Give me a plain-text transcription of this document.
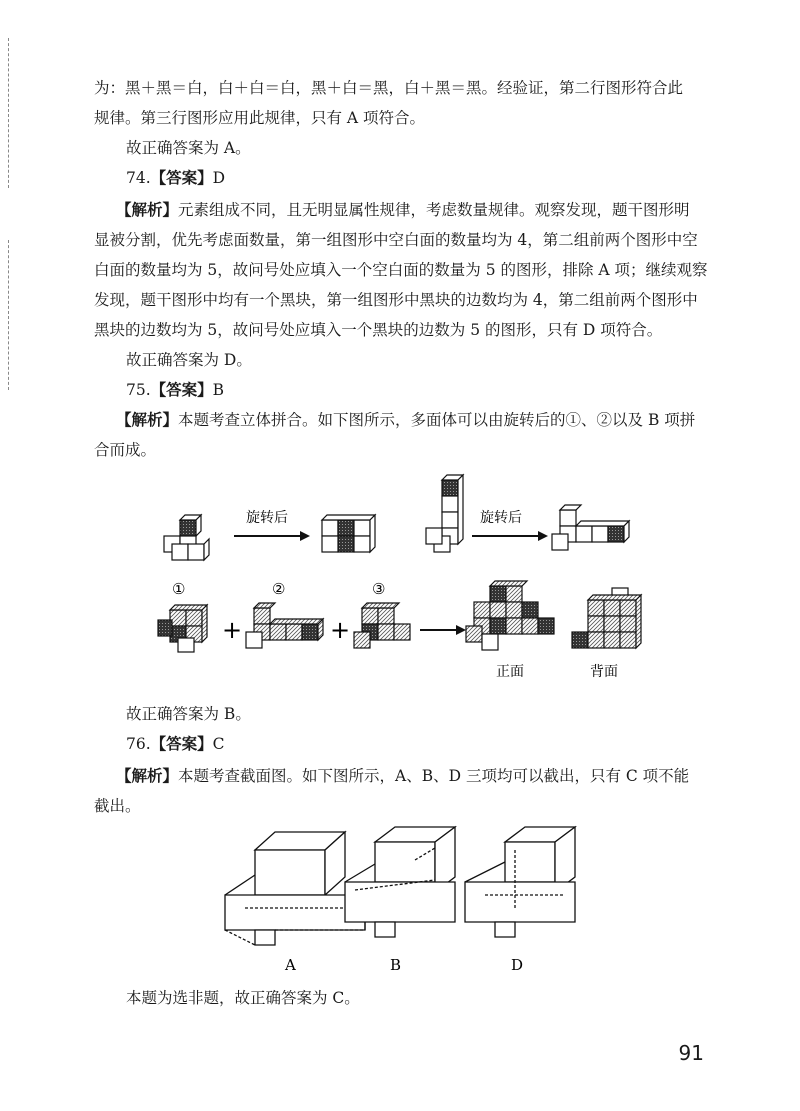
为：黑＋黑＝白，白＋白＝白，黑＋白＝黑，白＋黑＝黑。经验证，第二行图形符合此
规律。第三行图形应用此规律，只有 A 项符合。
故正确答案为 A。
74.【答案】D
【解析】元素组成不同，且无明显属性规律，考虑数量规律。观察发现，题干图形明
显被分割，优先考虑面数量，第一组图形中空白面的数量均为 4，第二组前两个图形中空
白面的数量均为 5，故问号处应填入一个空白面的数量为 5 的图形，排除 A 项；继续观察
发现，题干图形中均有一个黑块，第一组图形中黑块的边数均为 4，第二组前两个图形中
黑块的边数均为 5，故问号处应填入一个黑块的边数为 5 的图形，只有 D 项符合。
故正确答案为 D。
75.【答案】B
【解析】本题考查立体拼合。如下图所示，多面体可以由旋转后的①、②以及 B 项拼
合而成。
旋转后	旋转后
①	②	③
+	+
正面	背面
故正确答案为 B。
76.【答案】C
【解析】本题考查截面图。如下图所示，A、B、D 三项均可以截出，只有 C 项不能
截出。
A	B	D
本题为选非题，故正确答案为 C。
91
